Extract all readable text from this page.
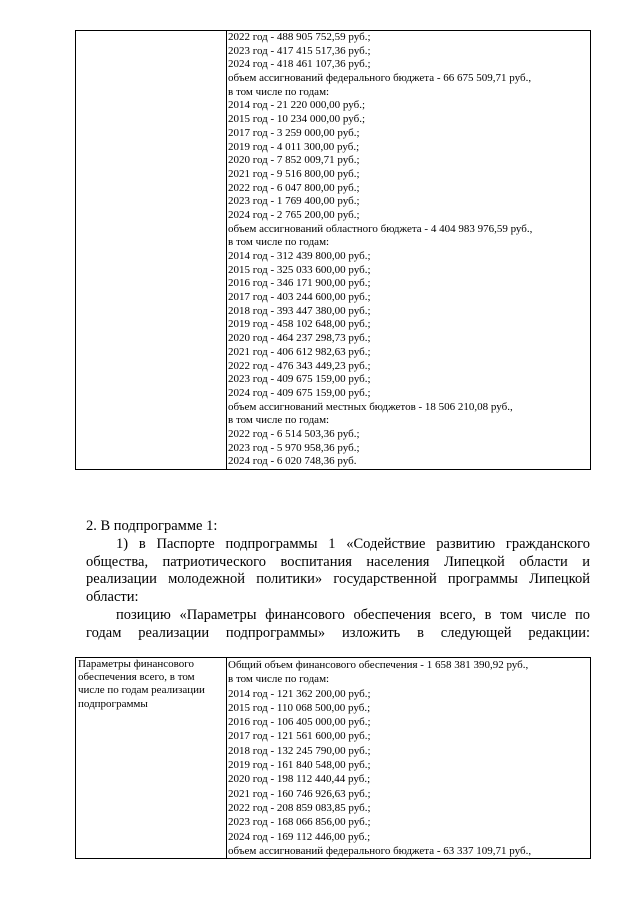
2022 год - 488 905 752,59 руб.;
2023 год - 417 415 517,36 руб.;
2024 год - 418 461 107,36 руб.;
объем ассигнований федерального бюджета - 66 675 509,71 руб.,
в том числе по годам:
2014 год - 21 220 000,00 руб.;
2015 год - 10 234 000,00 руб.;
2017 год - 3 259 000,00 руб.;
2019 год - 4 011 300,00 руб.;
2020 год - 7 852 009,71 руб.;
2021 год - 9 516 800,00 руб.;
2022 год - 6 047 800,00 руб.;
2023 год - 1 769 400,00 руб.;
2024 год - 2 765 200,00 руб.;
объем ассигнований областного бюджета - 4 404 983 976,59 руб.,
в том числе по годам:
2014 год - 312 439 800,00 руб.;
2015 год - 325 033 600,00 руб.;
2016 год - 346 171 900,00 руб.;
2017 год - 403 244 600,00 руб.;
2018 год - 393 447 380,00 руб.;
2019 год - 458 102 648,00 руб.;
2020 год - 464 237 298,73 руб.;
2021 год - 406 612 982,63 руб.;
2022 год - 476 343 449,23 руб.;
2023 год - 409 675 159,00 руб.;
2024 год - 409 675 159,00 руб.;
объем ассигнований местных бюджетов - 18 506 210,08 руб.,
в том числе по годам:
2022 год - 6 514 503,36 руб.;
2023 год - 5 970 958,36 руб.;
2024 год - 6 020 748,36 руб.
2. В подпрограмме 1:
1) в Паспорте подпрограммы 1 «Содействие развитию гражданского
общества, патриотического воспитания населения Липецкой области и
реализации молодежной политики» государственной программы Липецкой
области:
позицию «Параметры финансового обеспечения всего, в том числе по
годам реализации подпрограммы» изложить в следующей редакции:
Параметры финансового
обеспечения всего, в том
числе по годам реализации
подпрограммы

Общий объем финансового обеспечения - 1 658 381 390,92 руб.,
в том числе по годам:
2014 год - 121 362 200,00 руб.;
2015 год - 110 068 500,00 руб.;
2016 год - 106 405 000,00 руб.;
2017 год - 121 561 600,00 руб.;
2018 год - 132 245 790,00 руб.;
2019 год - 161 840 548,00 руб.;
2020 год - 198 112 440,44 руб.;
2021 год - 160 746 926,63 руб.;
2022 год - 208 859 083,85 руб.;
2023 год - 168 066 856,00 руб.;
2024 год - 169 112 446,00 руб.;
объем ассигнований федерального бюджета - 63 337 109,71 руб.,
